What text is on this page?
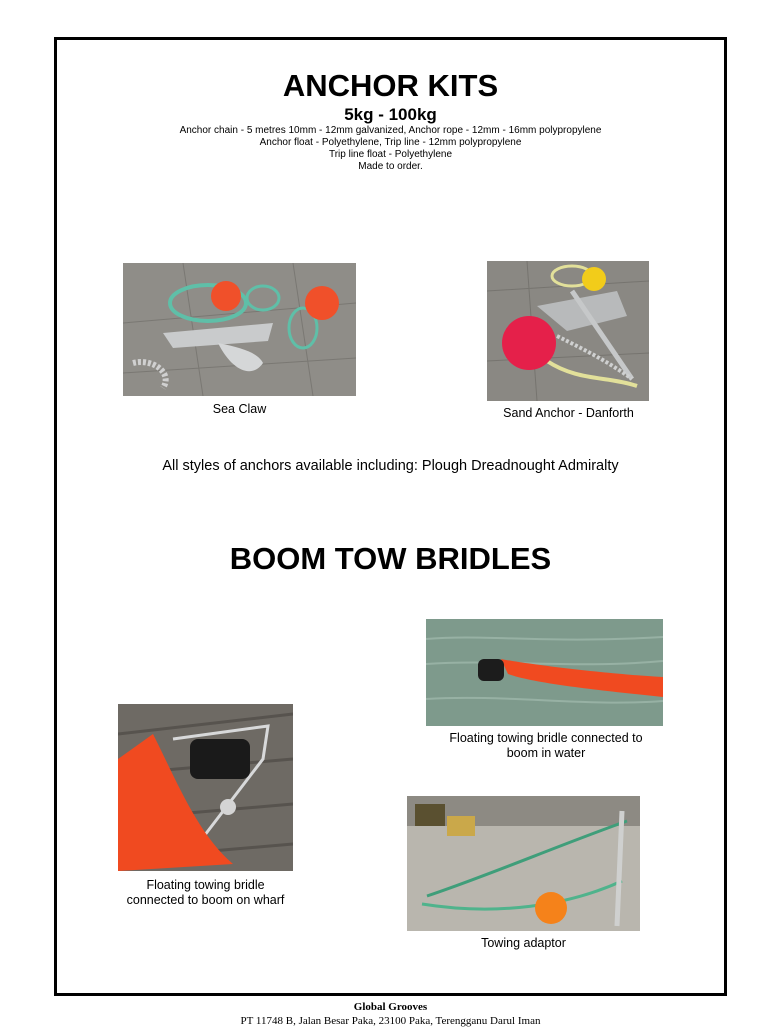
ANCHOR KITS
5kg - 100kg
Anchor chain - 5 metres 10mm - 12mm galvanized, Anchor rope - 12mm - 16mm polypropylene
Anchor float - Polyethylene, Trip line - 12mm polypropylene
Trip line float - Polyethylene
Made to order.
Sea Claw	Sand Anchor - Danforth
All styles of anchors available including: Plough Dreadnought Admiralty
BOOM TOW BRIDLES
Floating towing bridle connected to
boom in water
Floating towing bridle
connected to boom on wharf
Towing adaptor
Global Grooves
PT 11748 B, Jalan Besar Paka, 23100 Paka, Terengganu Darul Iman
